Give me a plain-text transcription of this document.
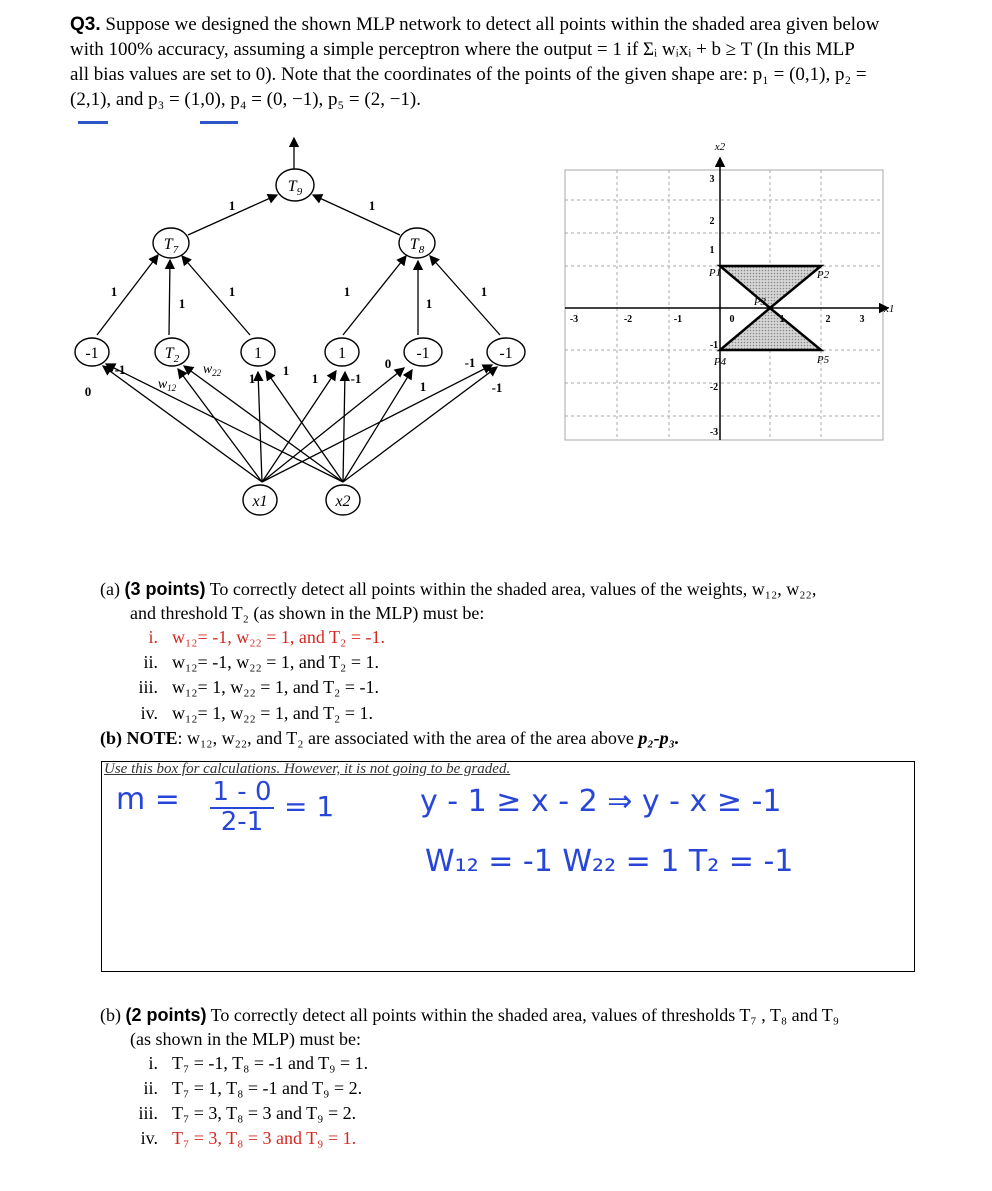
Q3. Suppose we designed the shown MLP network to detect all points within the shaded area given below
with 100% accuracy, assuming a simple perceptron where the output = 1 if Σᵢ wᵢxᵢ + b ≥ T (In this MLP
all bias values are set to 0). Note that the coordinates of the points of the given shape are: p₁ = (0,1), p₂ =
(2,1), and p₃ = (1,0), p₄ = (0, −1), p₅ = (2, −1).
$T_9$
$T_7$	$T_8$
-1	$T_2$	1	1	-1	-1
x1	x2
1	1
1
1
1	1
1
1
-1
0
1
1
1 -1
0
1
-1
-1
$w_{12}$
$w_{22}$
-3	-2	-1	0	1	2	3
3
2
1
-1
-2
-3
x2
x1
P1	P2
P3
P4	P5
(a) (3 points) To correctly detect all points within the shaded area, values of the weights, w₁₂, w₂₂,
and threshold T₂ (as shown in the MLP) must be:
i. w₁₂= -1, w₂₂ = 1, and T₂ = -1.
ii. w₁₂= -1, w₂₂ = 1, and T₂ = 1.
iii. w₁₂= 1, w₂₂ = 1, and T₂ = -1.
iv. w₁₂= 1, w₂₂ = 1, and T₂ = 1.
(b) NOTE: w₁₂, w₂₂, and T₂ are associated with the area of the area above p₂-p₃.
Use this box for calculations. However, it is not going to be graded.
m = 1 - 0
2-1 = 1	y - 1 ≥ x - 2 ⇒ y - x ≥ -1
W₁₂ = -1 W₂₂ = 1 T₂ = -1
(b) (2 points) To correctly detect all points within the shaded area, values of thresholds T₇ , T₈ and T₉
(as shown in the MLP) must be:
i. T₇ = -1, T₈ = -1 and T₉ = 1.
ii. T₇ = 1, T₈ = -1 and T₉ = 2.
iii. T₇ = 3, T₈ = 3 and T₉ = 2.
iv. T₇ = 3, T₈ = 3 and T₉ = 1.
